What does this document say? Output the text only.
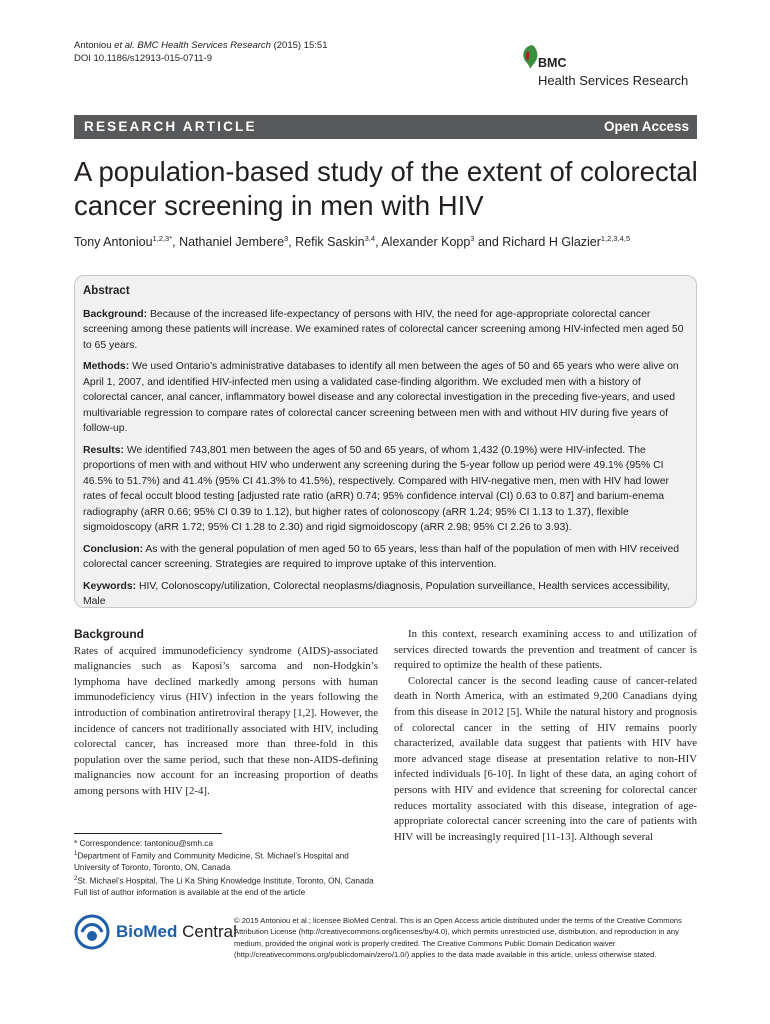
Antoniou et al. BMC Health Services Research (2015) 15:51
DOI 10.1186/s12913-015-0711-9	BMC
Health Services Research
RESEARCH ARTICLE	Open Access
A population-based study of the extent of colorectal cancer screening in men with HIV
Tony Antoniou$^{1,2,3*}$, Nathaniel Jembere$^3$, Refik Saskin$^{3,4}$, Alexander Kopp$^3$ and Richard H Glazier$^{1,2,3,4,5}$
Abstract

Background: Because of the increased life-expectancy of persons with HIV, the need for age-appropriate colorectal cancer screening among these patients will increase. We examined rates of colorectal cancer screening among HIV-infected men aged 50 to 65 years.

Methods: We used Ontario’s administrative databases to identify all men between the ages of 50 and 65 years who were alive on April 1, 2007, and identified HIV-infected men using a validated case-finding algorithm. We excluded men with a history of colorectal cancer, anal cancer, inflammatory bowel disease and any colorectal investigation in the preceding five-years, and used multivariable regression to compare rates of colorectal cancer screening between men with and without HIV during five years of follow-up.

Results: We identified 743,801 men between the ages of 50 and 65 years, of whom 1,432 (0.19%) were HIV-infected. The proportions of men with and without HIV who underwent any screening during the 5-year follow up period were 49.1% (95% CI 46.5% to 51.7%) and 41.4% (95% CI 41.3% to 41.5%), respectively. Compared with HIV-negative men, men with HIV had lower rates of fecal occult blood testing [adjusted rate ratio (aRR) 0.74; 95% confidence interval (CI) 0.63 to 0.87] and barium-enema radiography (aRR 0.66; 95% CI 0.39 to 1.12), but higher rates of colonoscopy (aRR 1.24; 95% CI 1.13 to 1.37), flexible sigmoidoscopy (aRR 1.72; 95% CI 1.28 to 2.30) and rigid sigmoidoscopy (aRR 2.98; 95% CI 2.26 to 3.93).

Conclusion: As with the general population of men aged 50 to 65 years, less than half of the population of men with HIV received colorectal cancer screening. Strategies are required to improve uptake of this intervention.

Keywords: HIV, Colonoscopy/utilization, Colorectal neoplasms/diagnosis, Population surveillance, Health services accessibility, Male

Background

Rates of acquired immunodeficiency syndrome (AIDS)-associated malignancies such as Kaposi’s sarcoma and non-Hodgkin’s lymphoma have declined markedly among persons with human immunodeficiency virus (HIV) infection in the years following the introduction of combination antiretroviral therapy [1,2]. However, the incidence of cancers not traditionally associated with HIV, including colorectal cancer, has increased more than three-fold in this population over the same period, such that these non-AIDS-defining malignancies now account for an increasing proportion of deaths among persons with HIV [2-4].

In this context, research examining access to and utilization of services directed towards the prevention and treatment of cancer is required to optimize the health of these patients.

Colorectal cancer is the second leading cause of cancer-related death in North America, with an estimated 9,200 Canadians dying from this disease in 2012 [5]. While the natural history and prognosis of colorectal cancer in the setting of HIV remains poorly characterized, available data suggest that patients with HIV have more advanced stage disease at presentation relative to non-HIV infected individuals [6-10]. In light of these data, an aging cohort of persons with HIV and evidence that screening for colorectal cancer reduces mortality associated with this disease, integration of age-appropriate colorectal cancer screening into the care of patients with HIV will be increasingly required [11-13]. Although several

* Correspondence: tantoniou@smh.ca

$^1$Department of Family and Community Medicine, St. Michael’s Hospital and University of Toronto, Toronto, ON, Canada

$^2$St. Michael’s Hospital, The Li Ka Shing Knowledge Institute, Toronto, ON, Canada

Full list of author information is available at the end of the article

BioMed Central
© 2015 Antoniou et al.; licensee BioMed Central. This is an Open Access article distributed under the terms of the Creative Commons Attribution License (http://creativecommons.org/licenses/by/4.0), which permits unrestricted use, distribution, and reproduction in any medium, provided the original work is properly credited. The Creative Commons Public Domain Dedication waiver (http://creativecommons.org/publicdomain/zero/1.0/) applies to the data made available in this article, unless otherwise stated.
